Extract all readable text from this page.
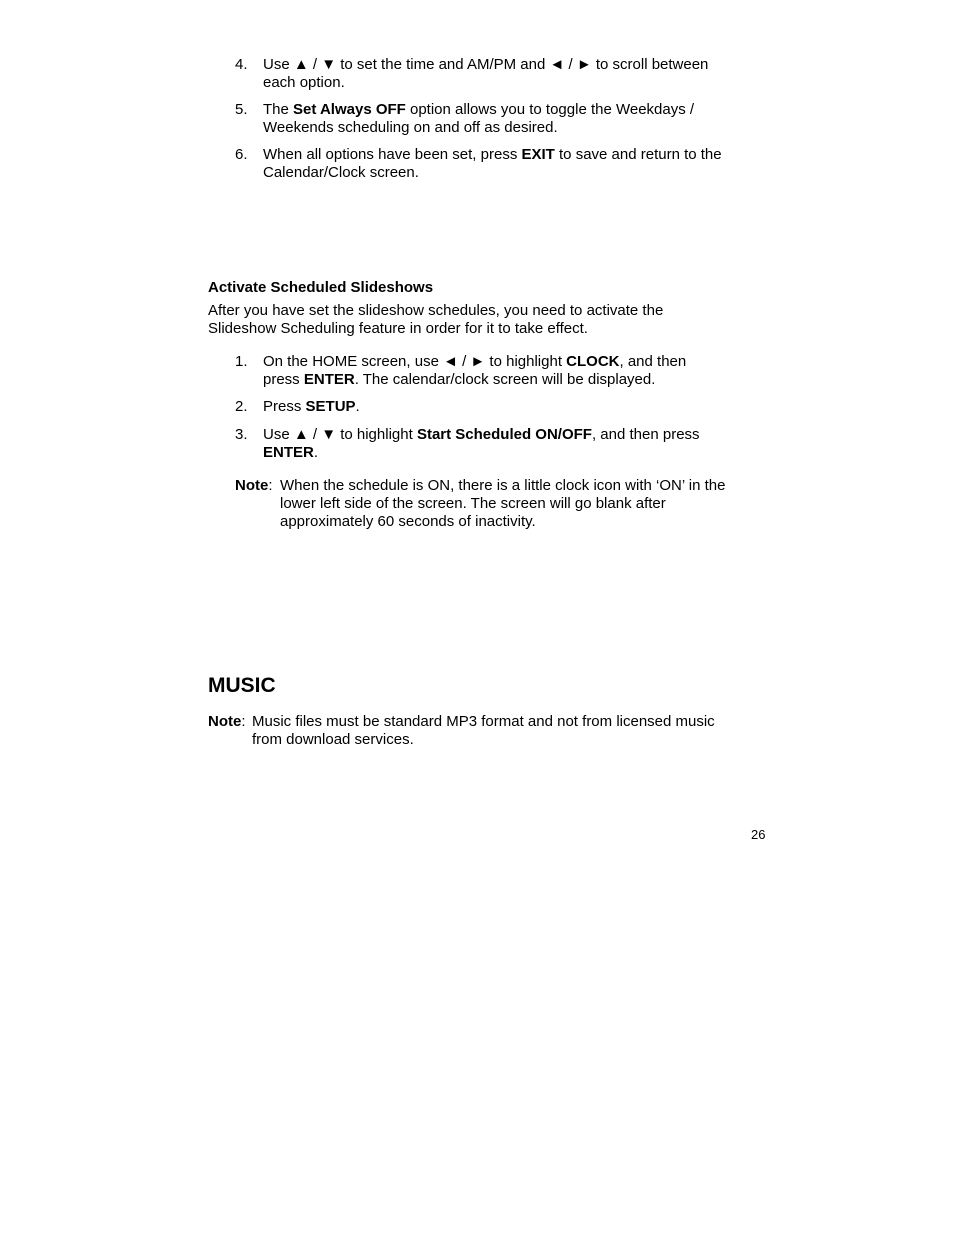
4. Use ▲ / ▼ to set the time and AM/PM and ◄ / ► to scroll between
each option.
5. The Set Always OFF option allows you to toggle the Weekdays /
Weekends scheduling on and off as desired.
6. When all options have been set, press EXIT to save and return to the
Calendar/Clock screen.
Activate Scheduled Slideshows
After you have set the slideshow schedules, you need to activate the
Slideshow Scheduling feature in order for it to take effect.
1. On the HOME screen, use ◄ / ► to highlight CLOCK, and then
press ENTER. The calendar/clock screen will be displayed.
2. Press SETUP.
3. Use ▲ / ▼ to highlight Start Scheduled ON/OFF, and then press
ENTER.
Note: When the schedule is ON, there is a little clock icon with ‘ON’ in the
lower left side of the screen. The screen will go blank after
approximately 60 seconds of inactivity.
MUSIC
Note: Music files must be standard MP3 format and not from licensed music
from download services.
26
